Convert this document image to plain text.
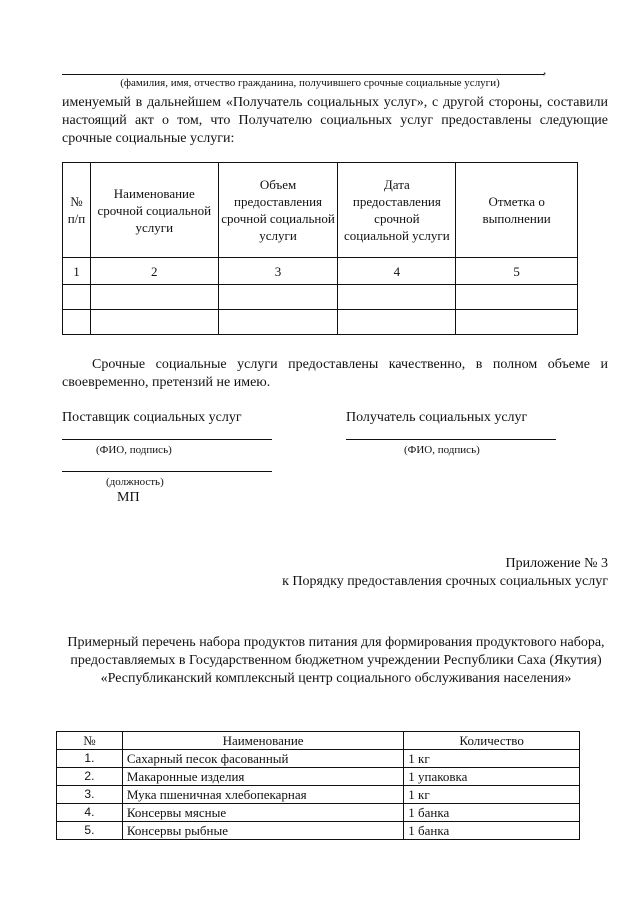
,
(фамилия, имя, отчество гражданина, получившего срочные социальные услуги)

именуемый в дальнейшем «Получатель социальных услуг», с другой стороны, составили настоящий акт о том, что Получателю социальных услуг предоставлены следующие срочные социальные услуги:

№ п/п	Наименование срочной социальной услуги	Объем предоставления срочной социальной услуги	Дата предоставления срочной социальной услуги	Отметка о выполнении
1	2	3	4	5

Срочные социальные услуги предоставлены качественно, в полном объеме и своевременно, претензий не имею.

Поставщик социальных услуг	Получатель социальных услуг
(ФИО, подпись)	(ФИО, подпись)
(должность)
МП
Приложение № 3
к Порядку предоставления срочных социальных услуг
Примерный перечень набора продуктов питания для формирования продуктового набора, предоставляемых в Государственном бюджетном учреждении Республики Саха (Якутия) «Республиканский комплексный центр социального обслуживания населения»
№	Наименование	Количество
1.	Сахарный песок фасованный	1 кг
2.	Макаронные изделия	1 упаковка
3.	Мука пшеничная хлебопекарная	1 кг
4.	Консервы мясные	1 банка
5.	Консервы рыбные	1 банка
